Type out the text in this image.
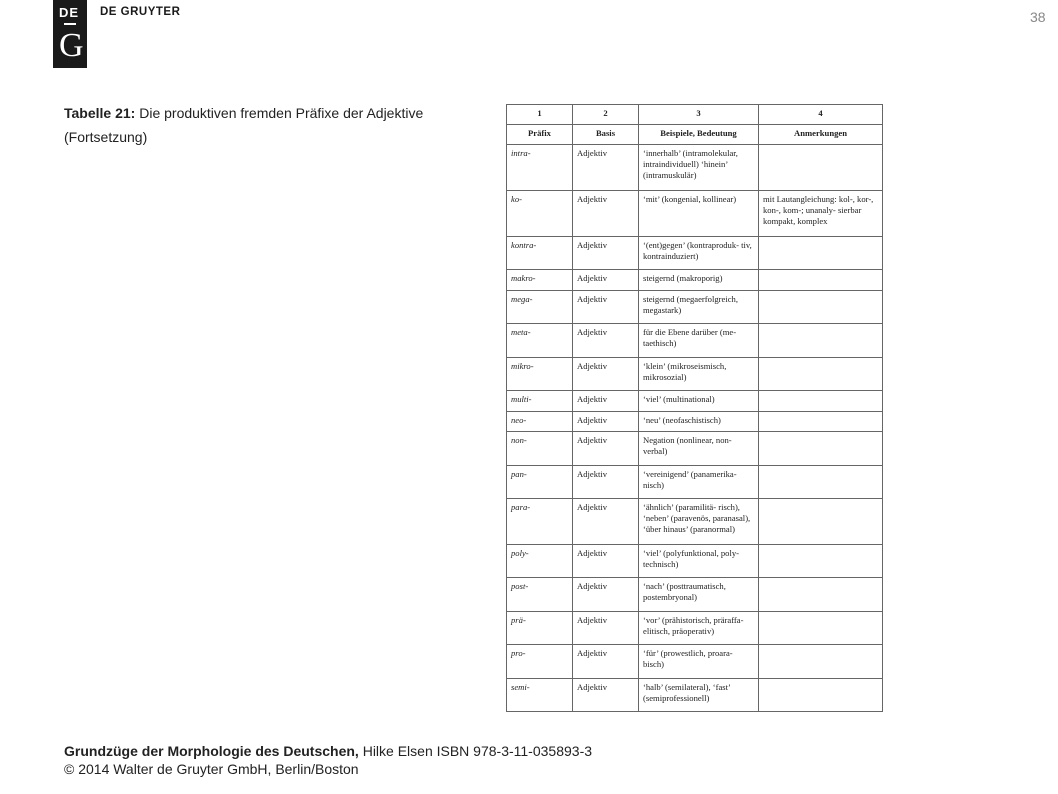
DE
G
DE GRUYTER	38
Tabelle 21: Die produktiven fremden Präfixe der Adjektive (Fortsetzung)
1	2	3	4
Präfix	Basis	Beispiele, Bedeutung	Anmerkungen
intra-	Adjektiv	‘innerhalb’ (intramolekular, intraindividuell) ‘hinein’ (intramuskulär)	
ko-	Adjektiv	‘mit’ (kongenial, kollinear)	mit Lautangleichung: kol-, kor-, kon-, kom-; unanaly- sierbar kompakt, komplex
kontra-	Adjektiv	‘(ent)gegen’ (kontraproduk- tiv, kontrainduziert)	
makro-	Adjektiv	steigernd (makroporig)	
mega-	Adjektiv	steigernd (megaerfolgreich, megastark)	
meta-	Adjektiv	für die Ebene darüber (me- taethisch)	
mikro-	Adjektiv	‘klein’ (mikroseismisch, mikrosozial)	
multi-	Adjektiv	‘viel’ (multinational)	
neo-	Adjektiv	‘neu’ (neofaschistisch)	
non-	Adjektiv	Negation (nonlinear, non- verbal)	
pan-	Adjektiv	‘vereinigend’ (panamerika- nisch)	
para-	Adjektiv	‘ähnlich’ (paramilitä- risch), ‘neben’ (paravenös, paranasal), ‘über hinaus’ (paranormal)	
poly-	Adjektiv	‘viel’ (polyfunktional, poly- technisch)	
post-	Adjektiv	‘nach’ (posttraumatisch, postembryonal)	
prä-	Adjektiv	‘vor’ (prähistorisch, präraffa- elitisch, präoperativ)	
pro-	Adjektiv	‘für’ (prowestlich, proara- bisch)	
semi-	Adjektiv	‘halb’ (semilateral), ‘fast’ (semiprofessionell)	
Grundzüge der Morphologie des Deutschen, Hilke Elsen ISBN 978-3-11-035893-3
© 2014 Walter de Gruyter GmbH, Berlin/Boston
